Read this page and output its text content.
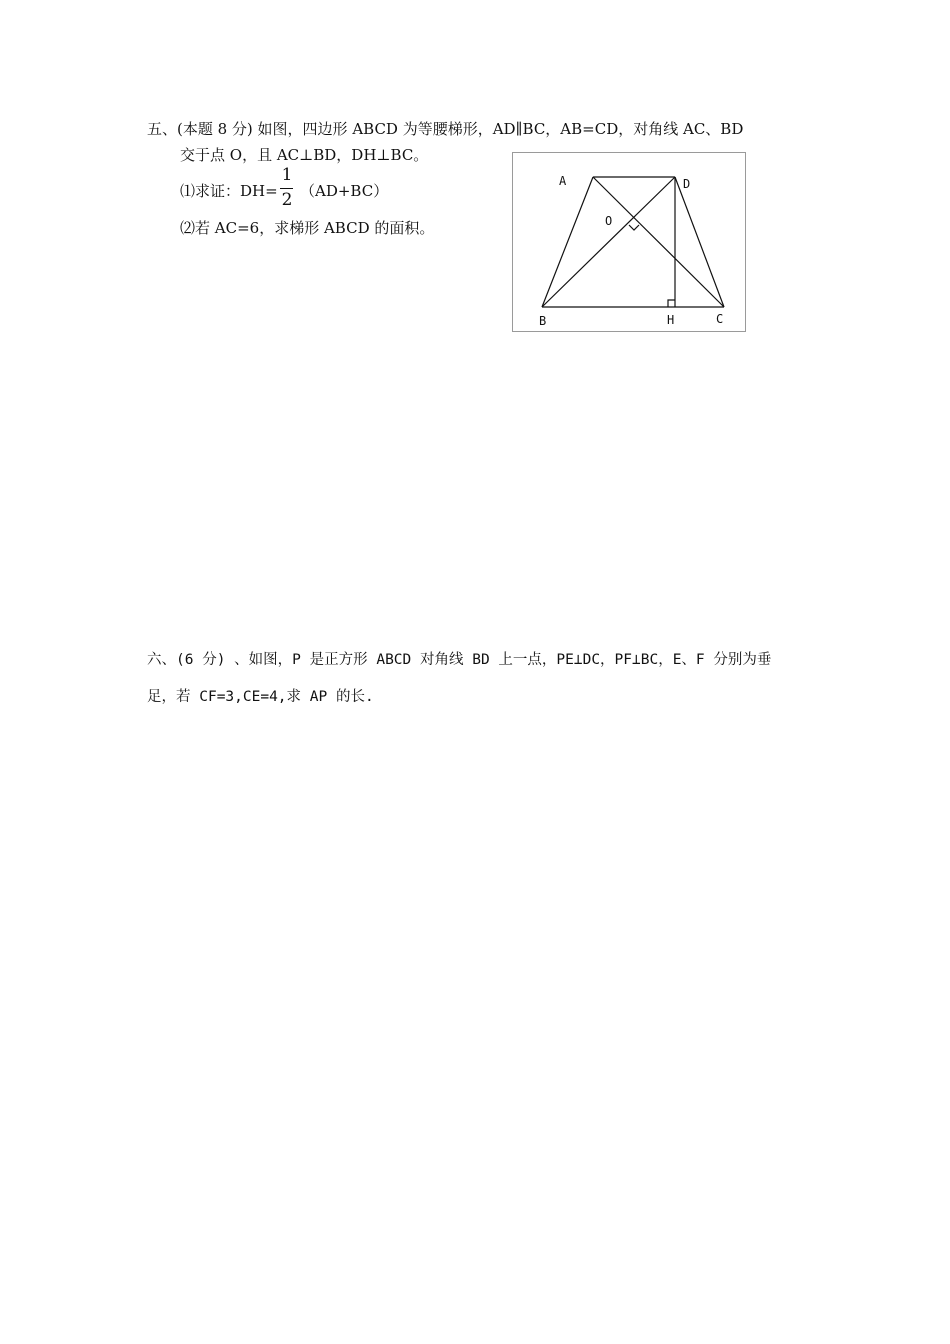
五、(本题 8 分) 如图，四边形 ABCD 为等腰梯形，AD∥BC，AB=CD，对角线 AC、BD
交于点 O，且 AC⊥BD，DH⊥BC。
⑴求证：DH=
1
2 （AD+BC）
⑵若 AC=6，求梯形 ABCD 的面积。
A	D
O
B	H	C
六、(6 分) 、如图，P 是正方形 ABCD 对角线 BD 上一点，PE⊥DC，PF⊥BC，E、F 分别为垂
足，若 CF=3,CE=4,求 AP 的长.
